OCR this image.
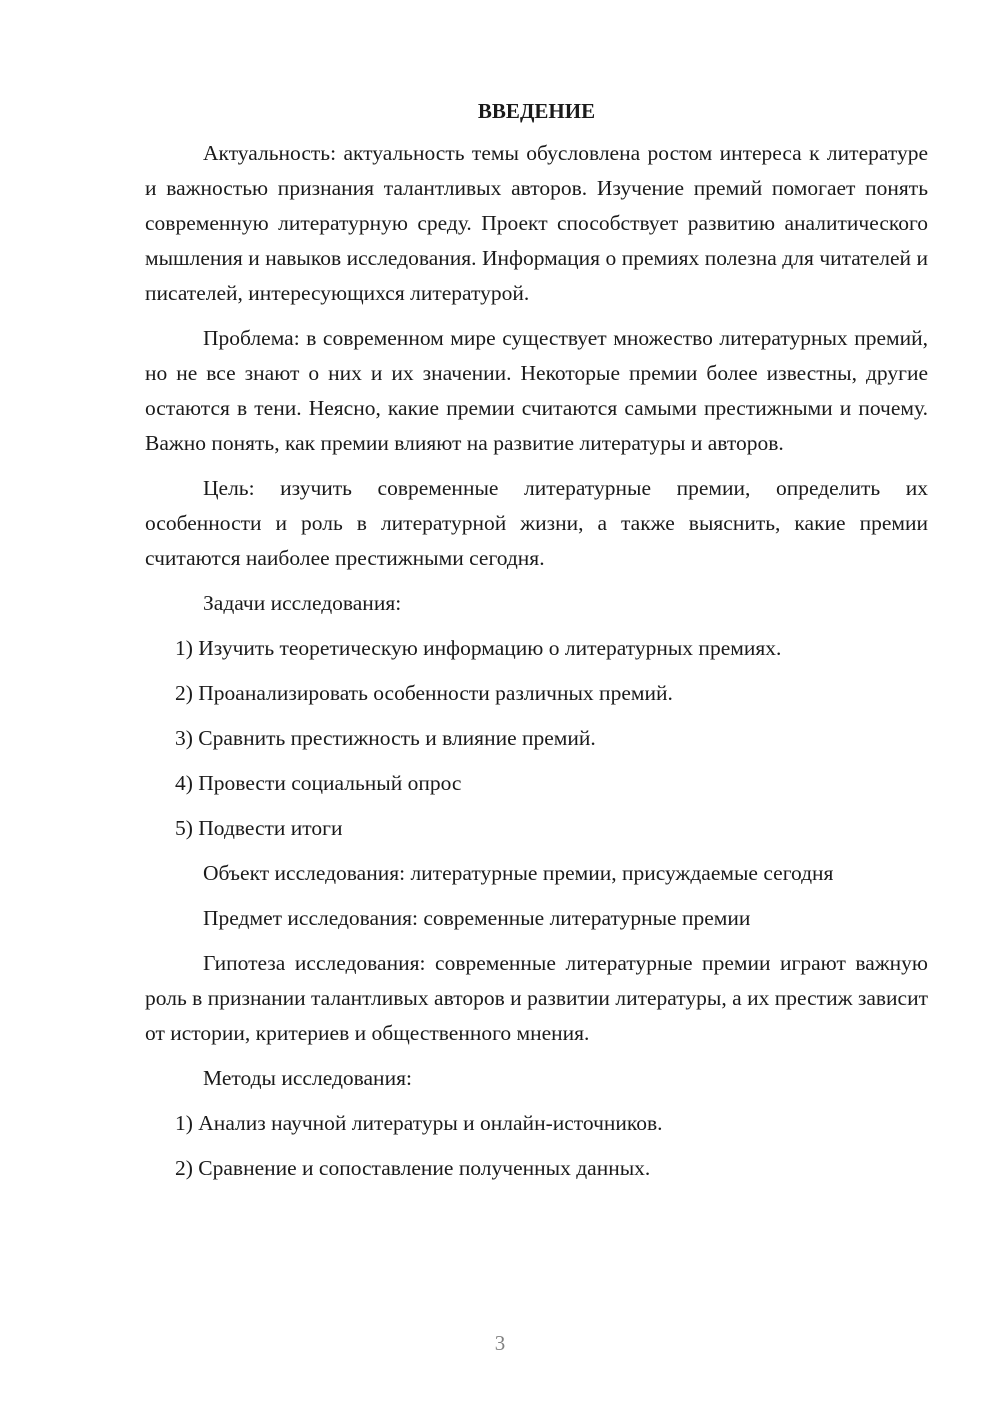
ВВЕДЕНИЕ
Актуальность: актуальность темы обусловлена ростом интереса к литературе и важностью признания талантливых авторов. Изучение премий помогает понять современную литературную среду. Проект способствует развитию аналитического мышления и навыков исследования. Информация о премиях полезна для читателей и писателей, интересующихся литературой.
Проблема: в современном мире существует множество литературных премий, но не все знают о них и их значении. Некоторые премии более известны, другие остаются в тени. Неясно, какие премии считаются самыми престижными и почему. Важно понять, как премии влияют на развитие литературы и авторов.
Цель: изучить современные литературные премии, определить их особенности и роль в литературной жизни, а также выяснить, какие премии считаются наиболее престижными сегодня.
Задачи исследования:
1) Изучить теоретическую информацию о литературных премиях.
2) Проанализировать особенности различных премий.
3) Сравнить престижность и влияние премий.
4) Провести социальный опрос
5) Подвести итоги
Объект исследования: литературные премии, присуждаемые сегодня
Предмет исследования: современные литературные премии
Гипотеза исследования: современные литературные премии играют важную роль в признании талантливых авторов и развитии литературы, а их престиж зависит от истории, критериев и общественного мнения.
Методы исследования:
1) Анализ научной литературы и онлайн-источников.
2) Сравнение и сопоставление полученных данных.
3
